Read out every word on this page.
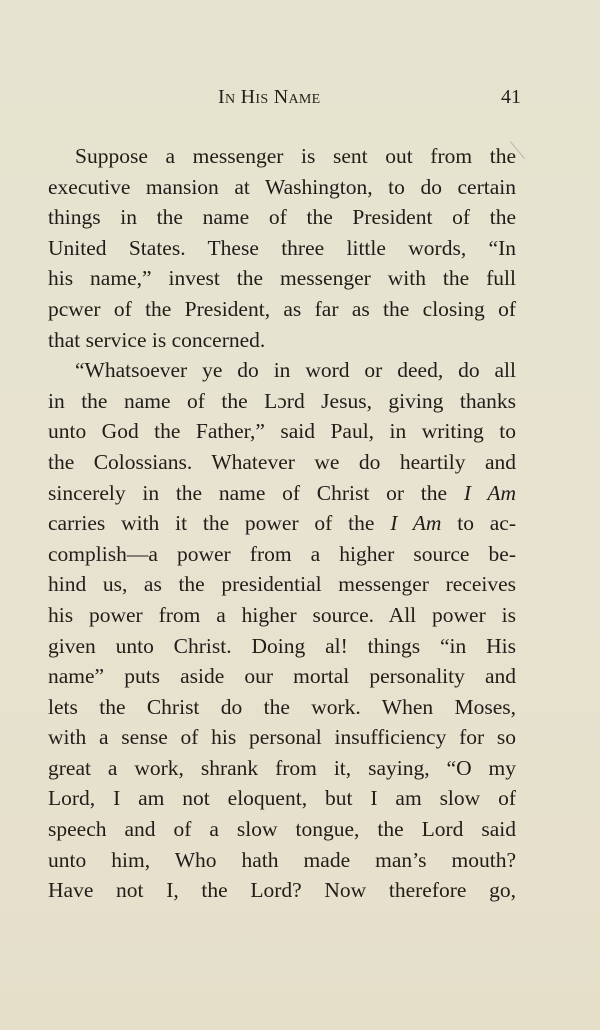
In His Name	41
Suppose a messenger is sent out from the
executive mansion at Washington, to do certain
things in the name of the President of the
United States. These three little words, “In
his name,” invest the messenger with the full
pcwer of the President, as far as the closing of
that service is concerned.
“Whatsoever ye do in word or deed, do all
in the name of the Lɔrd Jesus, giving thanks
unto God the Father,” said Paul, in writing to
the Colossians. Whatever we do heartily and
sincerely in the name of Christ or the I Am
carries with it the power of the I Am to ac-
complish—a power from a higher source be-
hind us, as the presidential messenger receives
his power from a higher source. All power is
given unto Christ. Doing al! things “in His
name” puts aside our mortal personality and
lets the Christ do the work. When Moses,
with a sense of his personal insufficiency for so
great a work, shrank from it, saying, “O my
Lord, I am not eloquent, but I am slow of
speech and of a slow tongue, the Lord said
unto him, Who hath made man’s mouth?
Have not I, the Lord? Now therefore go,
